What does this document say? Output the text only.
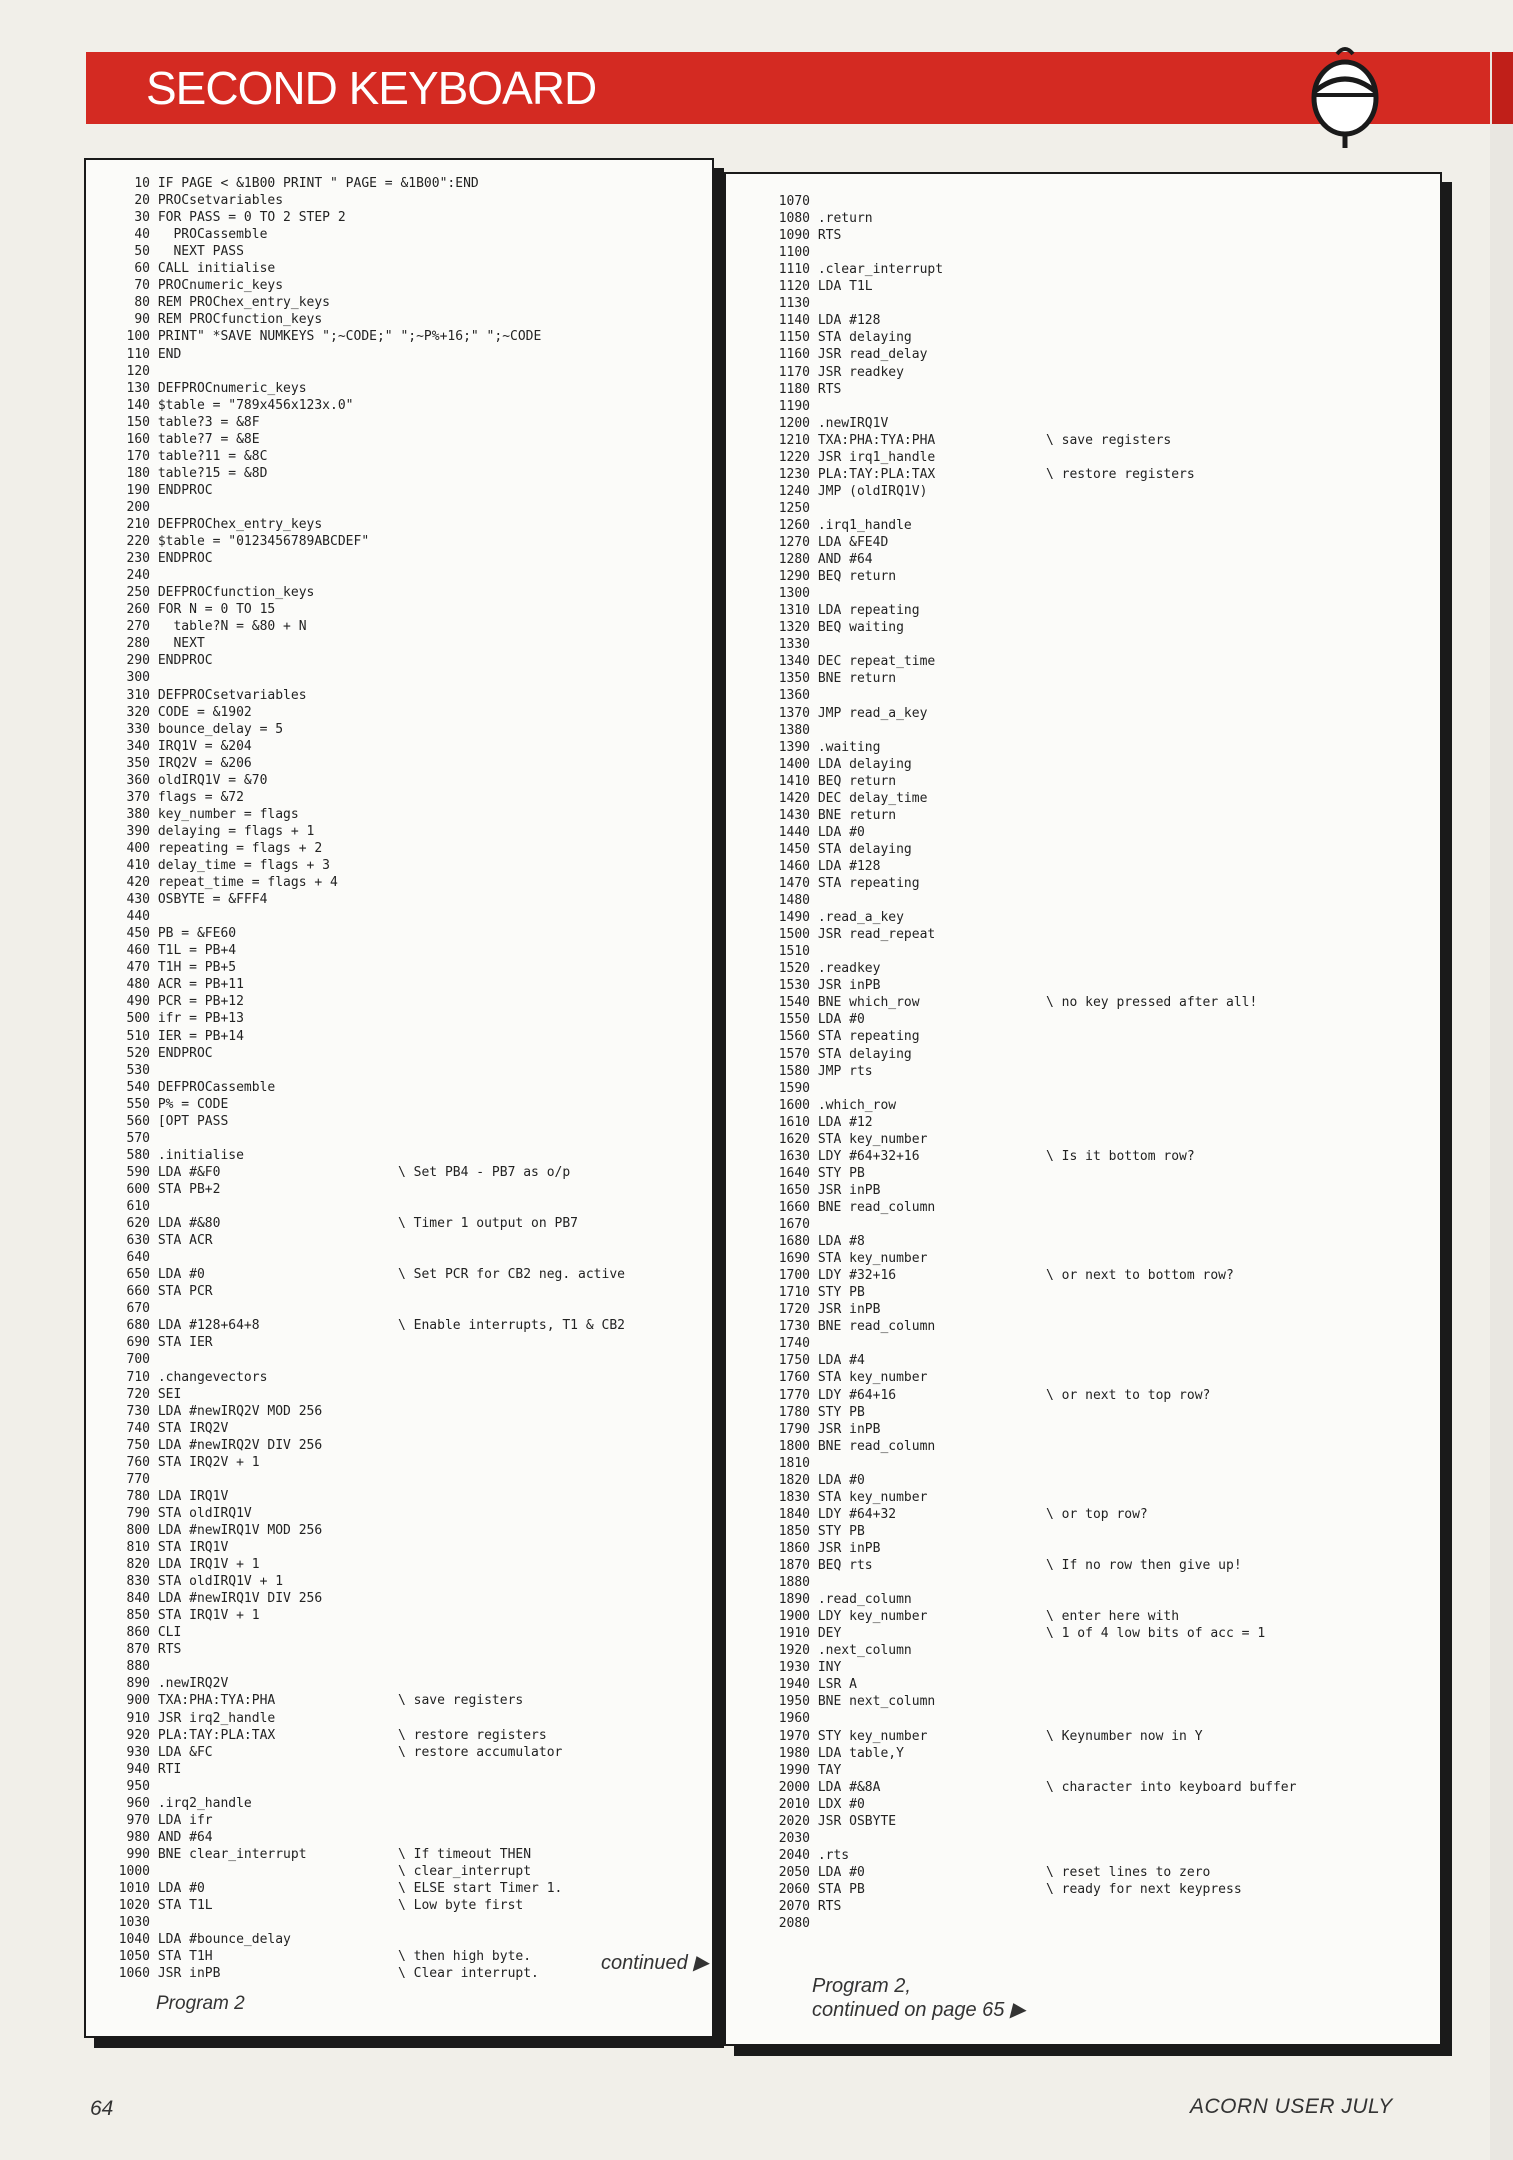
SECOND KEYBOARD
10 IF PAGE < &1B00 PRINT " PAGE = &1B00":END
20 PROCsetvariables
30 FOR PASS = 0 TO 2 STEP 2
40   PROCassemble
50   NEXT PASS
60 CALL initialise
70 PROCnumeric_keys
80 REM PROChex_entry_keys
90 REM PROCfunction_keys
100 PRINT" *SAVE NUMKEYS ";~CODE;" ";~P%+16;" ";~CODE
110 END
120
130 DEFPROCnumeric_keys
140 $table = "789x456x123x.0"
150 table?3 = &8F
160 table?7 = &8E
170 table?11 = &8C
180 table?15 = &8D
190 ENDPROC
200
210 DEFPROChex_entry_keys
220 $table = "0123456789ABCDEF"
230 ENDPROC
240
250 DEFPROCfunction_keys
260 FOR N = 0 TO 15
270   table?N = &80 + N
280   NEXT
290 ENDPROC
300
310 DEFPROCsetvariables
320 CODE = &1902
330 bounce_delay = 5
340 IRQ1V = &204
350 IRQ2V = &206
360 oldIRQ1V = &70
370 flags = &72
380 key_number = flags
390 delaying = flags + 1
400 repeating = flags + 2
410 delay_time = flags + 3
420 repeat_time = flags + 4
430 OSBYTE = &FFF4
440
450 PB = &FE60
460 T1L = PB+4
470 T1H = PB+5
480 ACR = PB+11
490 PCR = PB+12
500 ifr = PB+13
510 IER = PB+14
520 ENDPROC
530
540 DEFPROCassemble
550 P% = CODE
560 [OPT PASS
570
580 .initialise
590 LDA #&F0
600 STA PB+2
610
620 LDA #&80
630 STA ACR
640
650 LDA #0
660 STA PCR
670
680 LDA #128+64+8
690 STA IER
700
710 .changevectors
720 SEI
730 LDA #newIRQ2V MOD 256
740 STA IRQ2V
750 LDA #newIRQ2V DIV 256
760 STA IRQ2V + 1
770
780 LDA IRQ1V
790 STA oldIRQ1V
800 LDA #newIRQ1V MOD 256
810 STA IRQ1V
820 LDA IRQ1V + 1
830 STA oldIRQ1V + 1
840 LDA #newIRQ1V DIV 256
850 STA IRQ1V + 1
860 CLI
870 RTS
880
890 .newIRQ2V
900 TXA:PHA:TYA:PHA
910 JSR irq2_handle
920 PLA:TAY:PLA:TAX
930 LDA &FC
940 RTI
950
960 .irq2_handle
970 LDA ifr
980 AND #64
990 BNE clear_interrupt
1000
1010 LDA #0
1020 STA T1L
1030
1040 LDA #bounce_delay
1050 STA T1H
1060 JSR inPB
\ Set PB4 - PB7 as o/p
\ Timer 1 output on PB7
\ Set PCR for CB2 neg. active
\ Enable interrupts, T1 & CB2
\ save registers
\ restore registers
\ restore accumulator
\ If timeout THEN
\ clear_interrupt
\ ELSE start Timer 1.
\ Low byte first
\ then high byte.
\ Clear interrupt.	continued ▶
Program 2
1070
1080 .return
1090 RTS
1100
1110 .clear_interrupt
1120 LDA T1L
1130
1140 LDA #128
1150 STA delaying
1160 JSR read_delay
1170 JSR readkey
1180 RTS
1190
1200 .newIRQ1V
1210 TXA:PHA:TYA:PHA
1220 JSR irq1_handle
1230 PLA:TAY:PLA:TAX
1240 JMP (oldIRQ1V)
1250
1260 .irq1_handle
1270 LDA &FE4D
1280 AND #64
1290 BEQ return
1300
1310 LDA repeating
1320 BEQ waiting
1330
1340 DEC repeat_time
1350 BNE return
1360
1370 JMP read_a_key
1380
1390 .waiting
1400 LDA delaying
1410 BEQ return
1420 DEC delay_time
1430 BNE return
1440 LDA #0
1450 STA delaying
1460 LDA #128
1470 STA repeating
1480
1490 .read_a_key
1500 JSR read_repeat
1510
1520 .readkey
1530 JSR inPB
1540 BNE which_row
1550 LDA #0
1560 STA repeating
1570 STA delaying
1580 JMP rts
1590
1600 .which_row
1610 LDA #12
1620 STA key_number
1630 LDY #64+32+16
1640 STY PB
1650 JSR inPB
1660 BNE read_column
1670
1680 LDA #8
1690 STA key_number
1700 LDY #32+16
1710 STY PB
1720 JSR inPB
1730 BNE read_column
1740
1750 LDA #4
1760 STA key_number
1770 LDY #64+16
1780 STY PB
1790 JSR inPB
1800 BNE read_column
1810
1820 LDA #0
1830 STA key_number
1840 LDY #64+32
1850 STY PB
1860 JSR inPB
1870 BEQ rts
1880
1890 .read_column
1900 LDY key_number
1910 DEY
1920 .next_column
1930 INY
1940 LSR A
1950 BNE next_column
1960
1970 STY key_number
1980 LDA table,Y
1990 TAY
2000 LDA #&8A
2010 LDX #0
2020 JSR OSBYTE
2030
2040 .rts
2050 LDA #0
2060 STA PB
2070 RTS
2080
\ save registers
\ restore registers
\ no key pressed after all!
\ Is it bottom row?
\ or next to bottom row?
\ or next to top row?
\ or top row?
\ If no row then give up!
\ enter here with
\ 1 of 4 low bits of acc = 1
\ Keynumber now in Y
\ character into keyboard buffer
\ reset lines to zero
\ ready for next keypress
Program 2,
continued on page 65 ▶
64	ACORN USER JULY
